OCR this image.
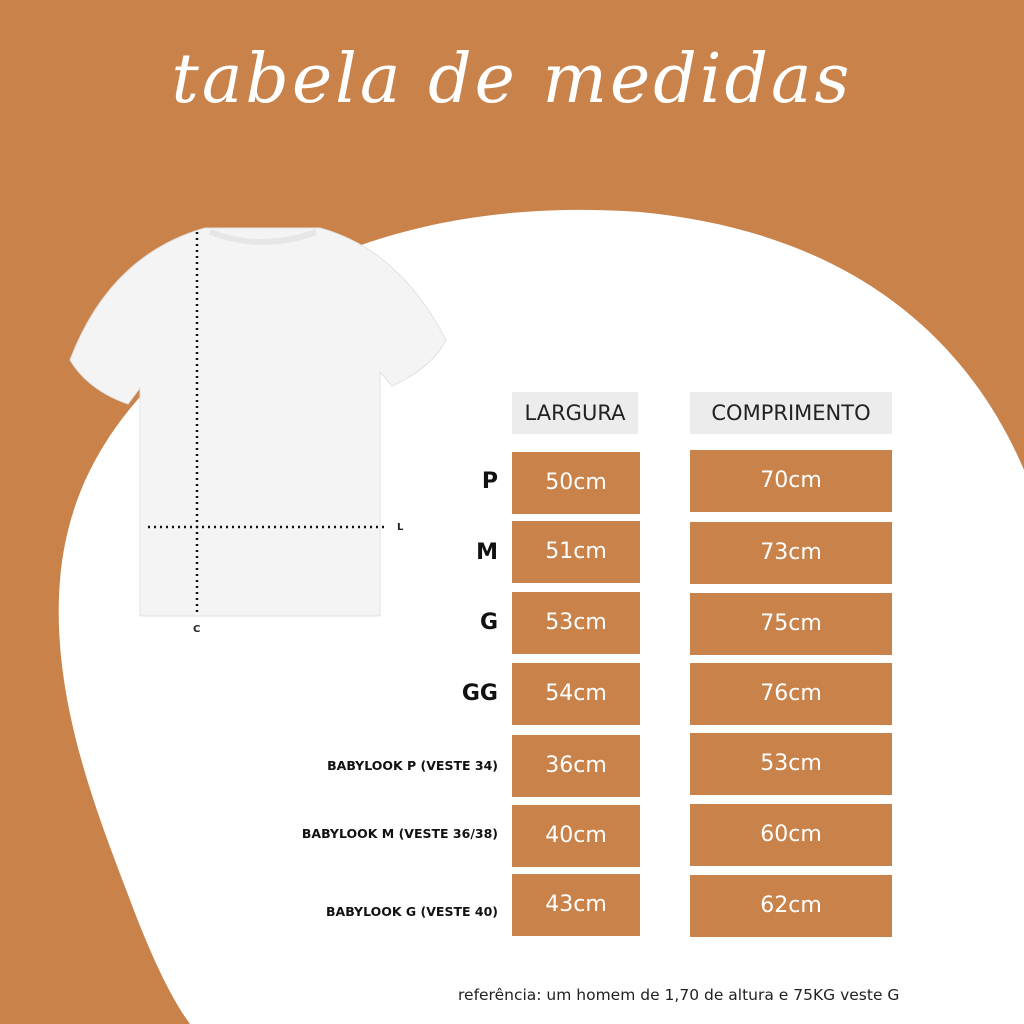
tabela de medidas
L
C
LARGURA	COMPRIMENTO
P	50cm	70cm
M	51cm	73cm
G	53cm	75cm
GG	54cm	76cm
BABYLOOK P (VESTE 34)	36cm	53cm
BABYLOOK M (VESTE 36/38)	40cm	60cm
BABYLOOK G (VESTE 40)	43cm	62cm
referência: um homem de 1,70 de altura e 75KG veste G
